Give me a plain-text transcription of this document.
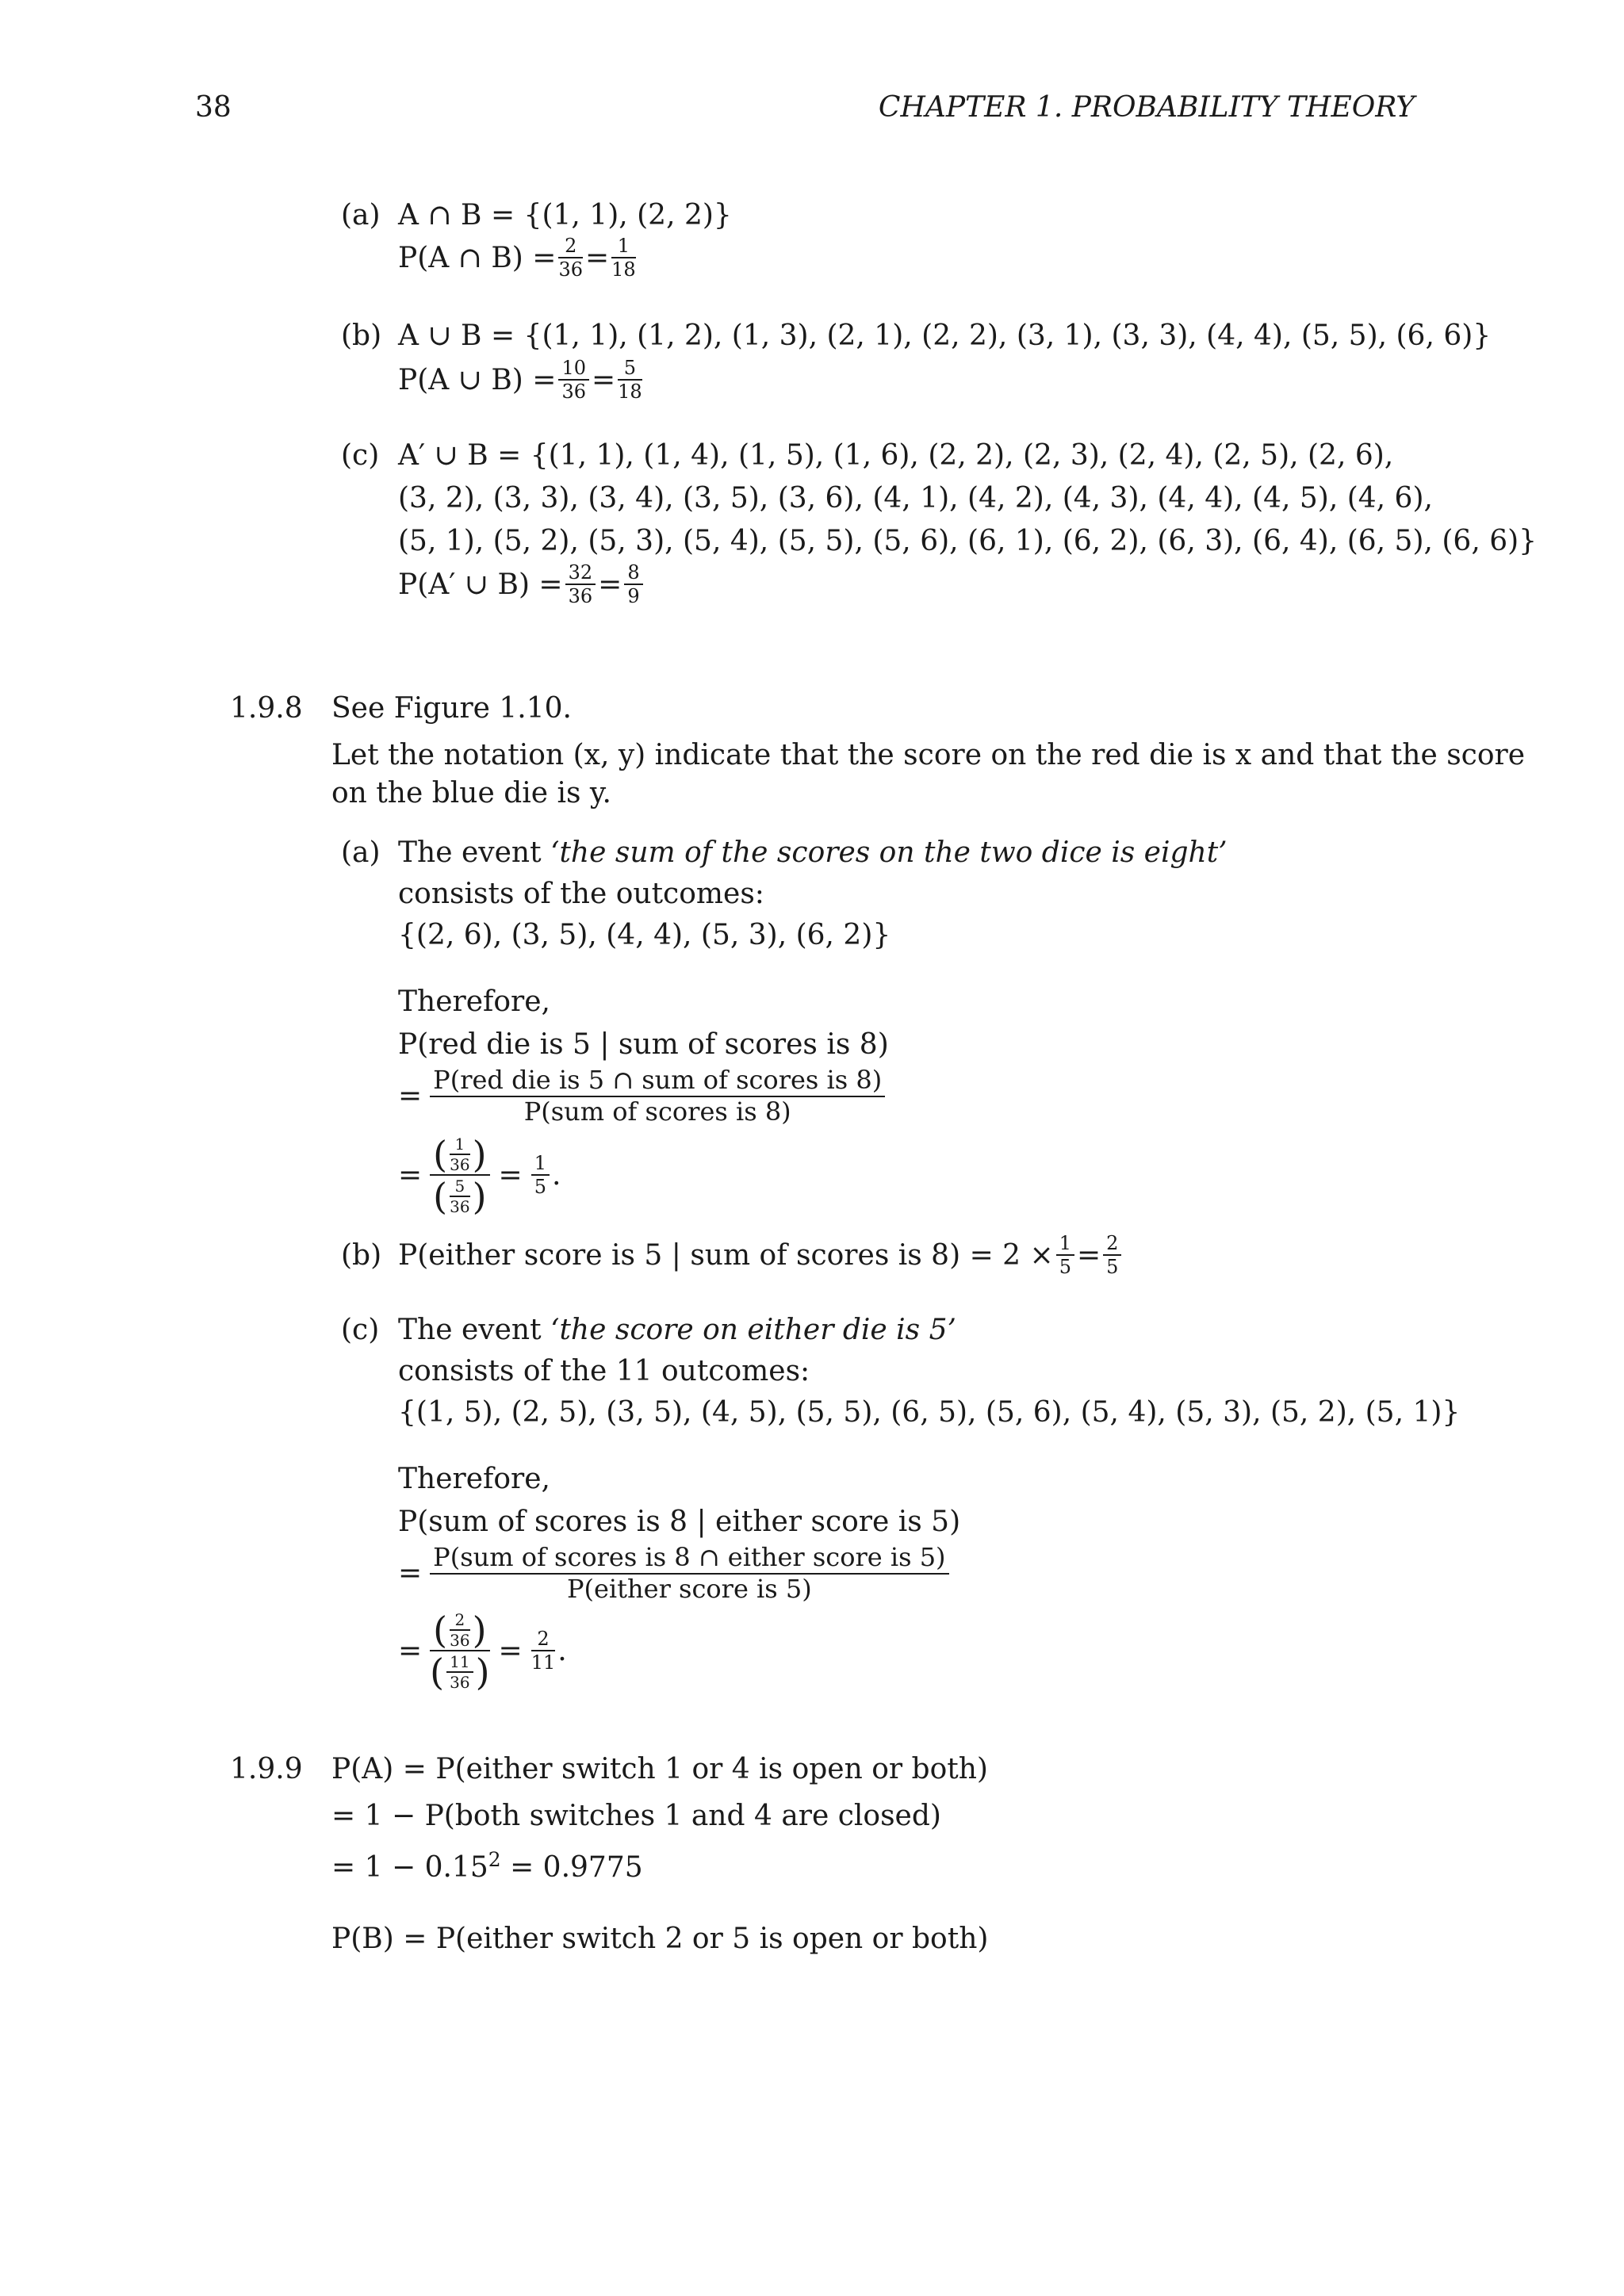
38	CHAPTER 1. PROBABILITY THEORY
(a) A ∩ B = {(1, 1), (2, 2)}
P(A ∩ $B) = \frac{2}{36} = \frac{1}{18}$
(b) A ∪ B = {(1, 1), (1, 2), (1, 3), (2, 1), (2, 2), (3, 1), (3, 3), (4, 4), (5, 5), (6, 6)}
P(A ∪ $B) = \frac{10}{36} = \frac{5}{18}$
(c) A′ ∪ B = {(1, 1), (1, 4), (1, 5), (1, 6), (2, 2), (2, 3), (2, 4), (2, 5), (2, 6),
(3, 2), (3, 3), (3, 4), (3, 5), (3, 6), (4, 1), (4, 2), (4, 3), (4, 4), (4, 5), (4, 6),
(5, 1), (5, 2), (5, 3), (5, 4), (5, 5), (5, 6), (6, 1), (6, 2), (6, 3), (6, 4), (6, 5), (6, 6)}
P(A′ ∪ $B) = \frac{32}{36} = \frac{8}{9}$
1.9.8 See Figure 1.10.
Let the notation (x, y) indicate that the score on the red die is x and that the score
on the blue die is y.
(a) The event ‘the sum of the scores on the two dice is eight’
consists of the outcomes:
{(2, 6), (3, 5), (4, 4), (5, 3), (6, 2)}
Therefore,
P(red die is 5 | sum of scores is 8)
= $\frac{\text{P(red die is 5 ∩ sum of scores is 8)}}{\text{P(sum of scores is 8)}}$
= $\frac{( \frac{1}{36} )}{( \frac{5}{36} )} = \frac{1}{5}$ .
(b) P(either score is 5 | sum of scores is $8) = 2 \times \frac{1}{5} = \frac{2}{5}$
(c) The event ‘the score on either die is 5’
consists of the 11 outcomes:
{(1, 5), (2, 5), (3, 5), (4, 5), (5, 5), (6, 5), (5, 6), (5, 4), (5, 3), (5, 2), (5, 1)}
Therefore,
P(sum of scores is 8 | either score is 5)
= $\frac{\text{P(sum of scores is 8 ∩ either score is 5)}}{\text{P(either score is 5)}}$
= $\frac{( \frac{2}{36} )}{( \frac{11}{36} )} = \frac{2}{11}$ .
1.9.9 P(A) = P(either switch 1 or 4 is open or both)
= 1 − P(both switches 1 and 4 are closed)
= $1 - 0.15^2 = 0.9775$
P(B) = P(either switch 2 or 5 is open or both)
